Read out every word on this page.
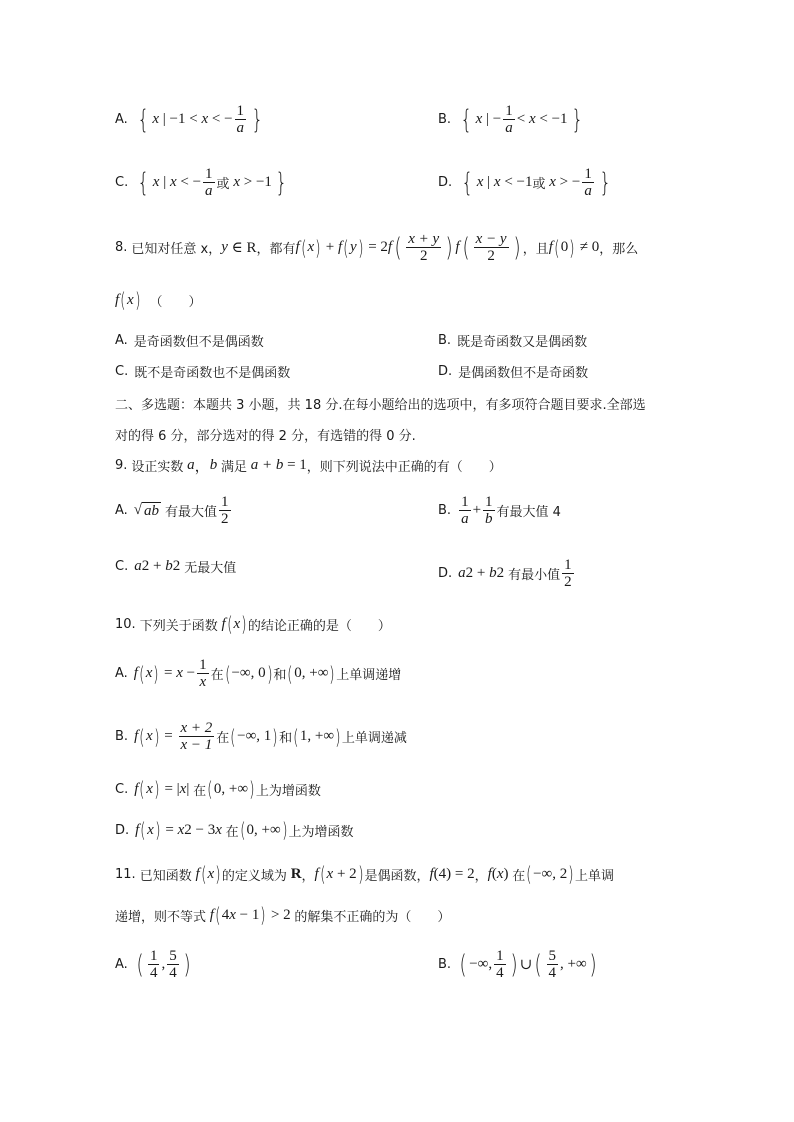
A. { x | −1 < x < − $\frac{1}{a}$ }	B. { x | − $\frac{1}{a} < x < -1$ }
C. { x | x < − $\frac{1}{a}$ 或 x > −1 }	D. { x | x < −1 或 x > − $\frac{1}{a}$ }
8. 已知对任意 x， y ∈ R ，都有 f ( x ) + f ( y ) = 2 f ( $\frac{x + y}{2}$ ) f ( $\frac{x - y}{2}$ ) ，且 f ( 0 ) ≠ 0 ，那么
f ( x ) （　　）
A. 是奇函数但不是偶函数	B. 既是奇函数又是偶函数
C. 既不是奇函数也不是偶函数	D. 是偶函数但不是奇函数
二、多选题：本题共 3 小题，共 18 分.在每小题给出的选项中，有多项符合题目要求.全部选
对的得 6 分，部分选对的得 2 分，有选错的得 0 分.
9. 设正实数 a ， b 满足 a + b = 1 ，则下列说法中正确的有（　　）
A. √ ab 有最大值 $\frac{1}{2}$	B. $\frac{1}{a} + \frac{1}{b}$ 有最大值 4
C. a 2 + b 2 无最大值	D. a 2 + b 2 有最小值 $\frac{1}{2}$
10. 下列关于函数 f ( x ) 的结论正确的是（　　）
A. f ( x ) = $x - \frac{1}{x}$ 在 ( −∞, 0 ) 和 ( 0, +∞ ) 上单调递增
B. f ( x ) = $\frac{x + 2}{x - 1}$ 在 ( −∞, 1 ) 和 ( 1, +∞ ) 上单调递减
C. f ( x ) = | x | 在 ( 0, +∞ ) 上为增函数
D. f ( x ) = x 2 − 3 x 在 ( 0, +∞ ) 上为增函数
11. 已知函数 f ( x ) 的定义域为 R ， f ( x + 2 ) 是偶函数， f (4) = 2 ， f ( x ) 在 ( −∞, 2 ) 上单调
递增，则不等式 f ( 4 x − 1 ) > 2 的解集不正确的为（　　）
A. ( $\frac{1}{4}$ , $\frac{5}{4}$ )	B. ( −∞, $\frac{1}{4}$ ) ∪ ( $\frac{5}{4}$ , +∞ )
